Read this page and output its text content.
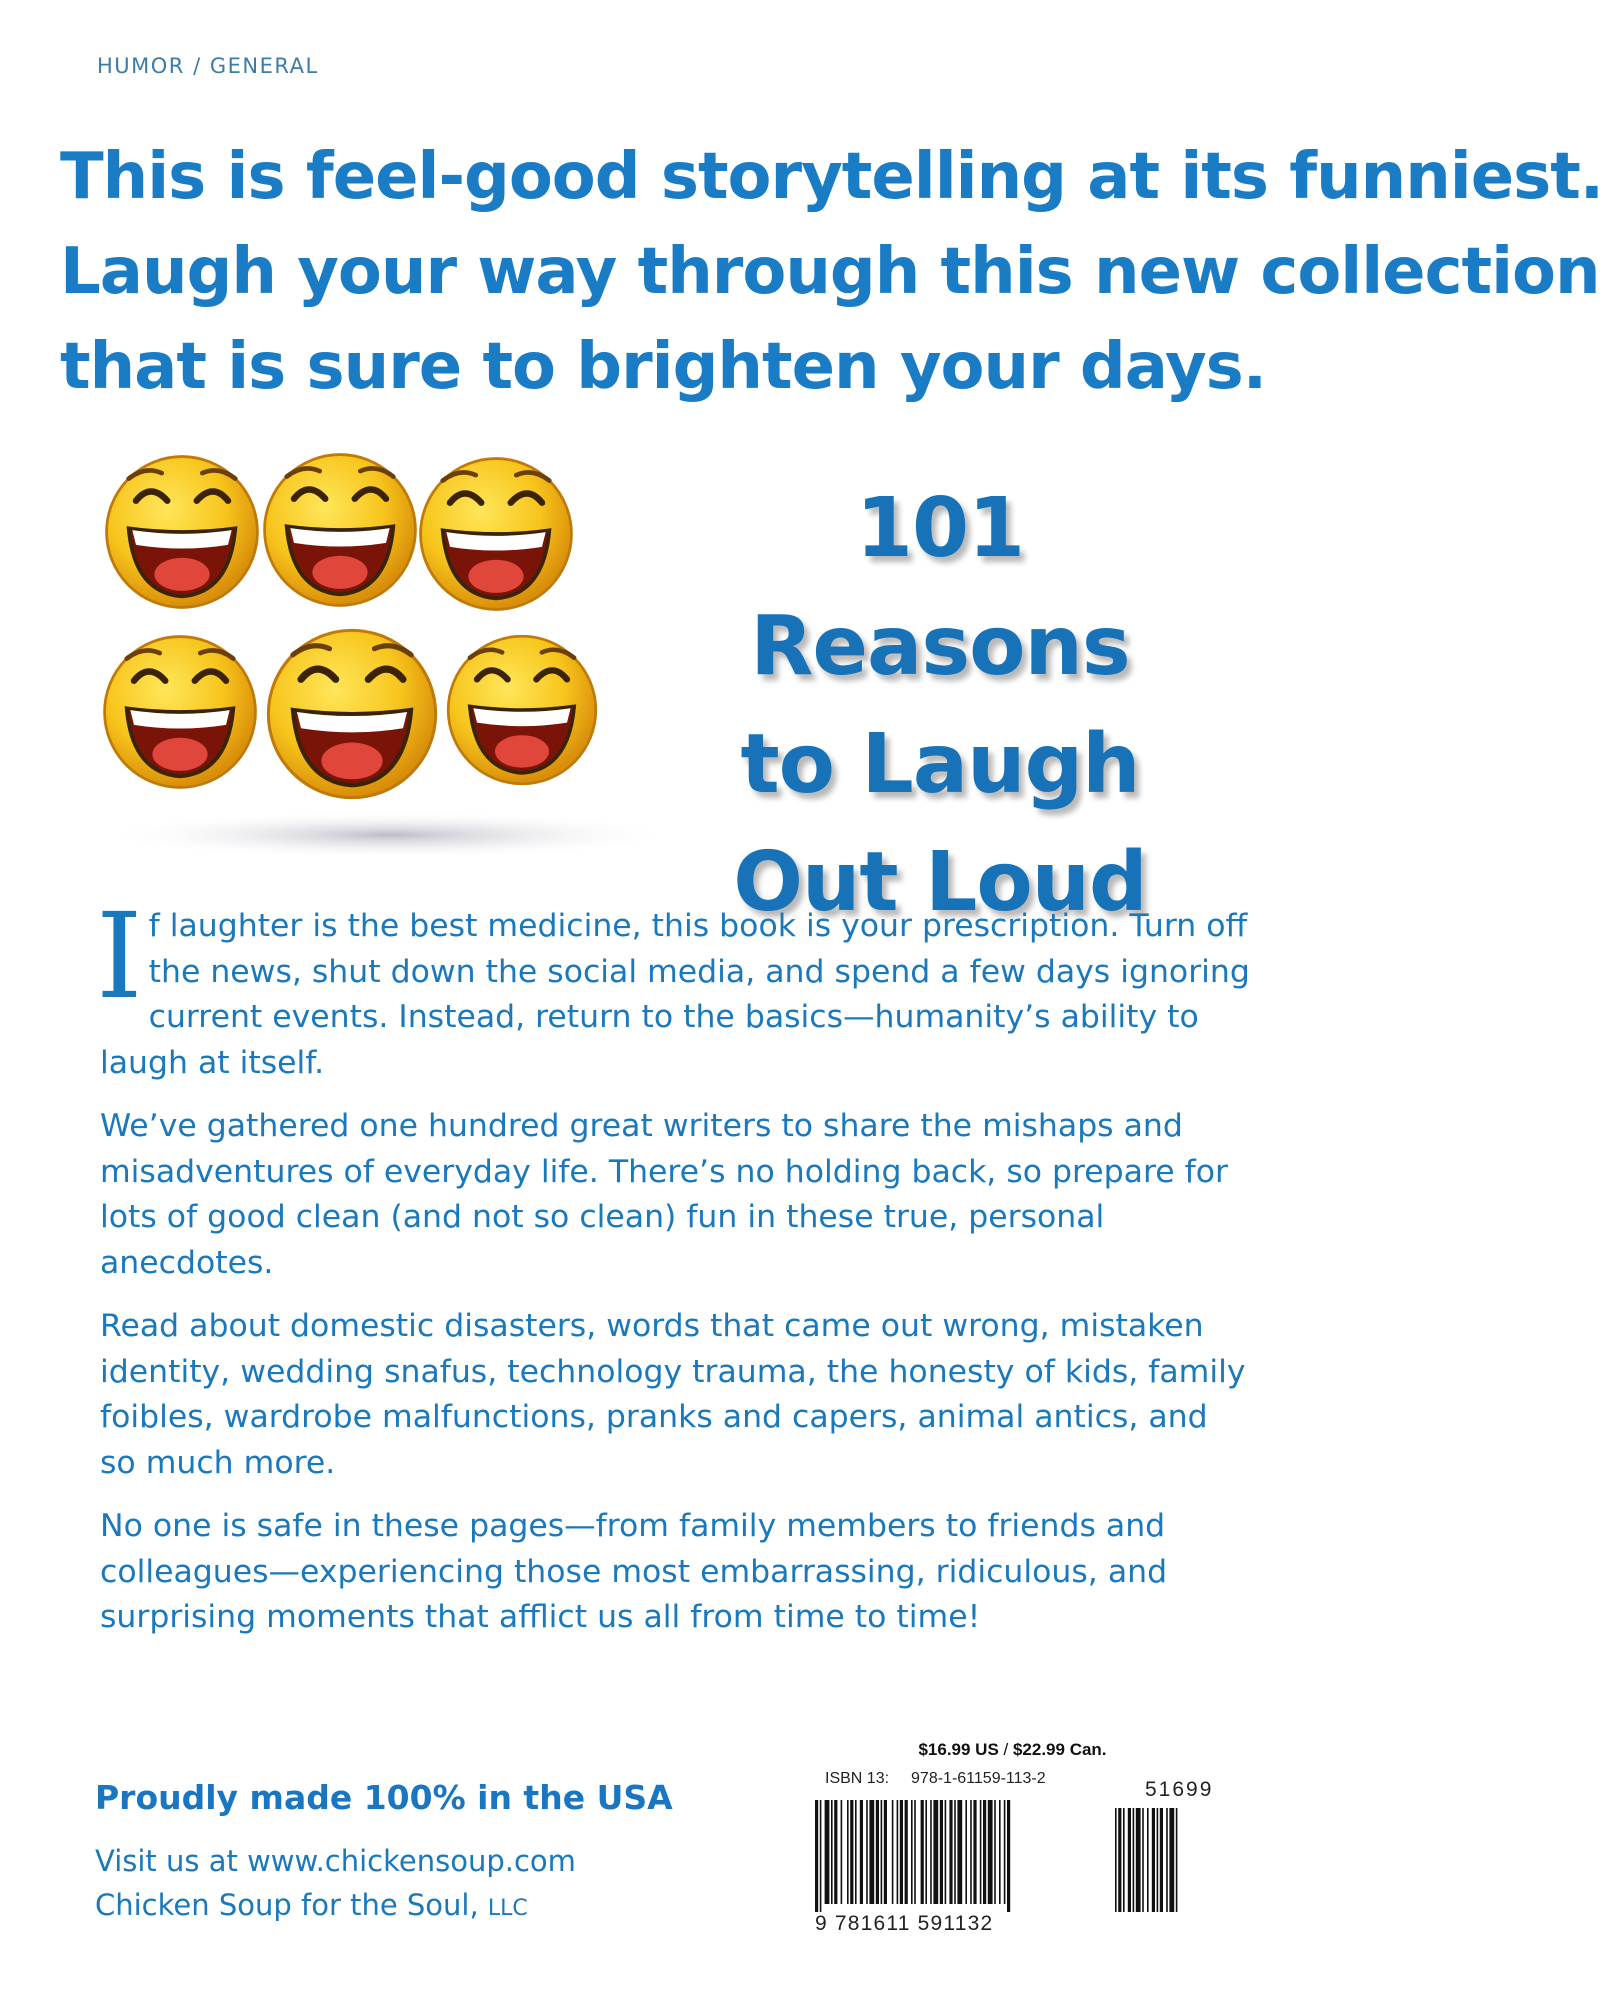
HUMOR / GENERAL
This is feel-good storytelling at its funniest.
Laugh your way through this new collection
that is sure to brighten your days.
101 Reasons
to Laugh
Out Loud

If laughter is the best medicine, this book is your prescription. Turn off the news, shut down the social media, and spend a few days ignoring current events. Instead, return to the basics—humanity’s ability to laugh at itself.

We’ve gathered one hundred great writers to share the mishaps and misadventures of everyday life. There’s no holding back, so prepare for lots of good clean (and not so clean) fun in these true, personal anecdotes.

Read about domestic disasters, words that came out wrong, mistaken identity, wedding snafus, technology trauma, the honesty of kids, family foibles, wardrobe malfunctions, pranks and capers, animal antics, and so much more.

No one is safe in these pages—from family members to friends and colleagues—experiencing those most embarrassing, ridiculous, and surprising moments that afflict us all from time to time!

Proudly made 100% in the USA
Visit us at www.chickensoup.com
Chicken Soup for the Soul, LLC
$16.99 US / $22.99 Can.
ISBN 13: 978-1-61159-113-2	51699
9 781611 591132
